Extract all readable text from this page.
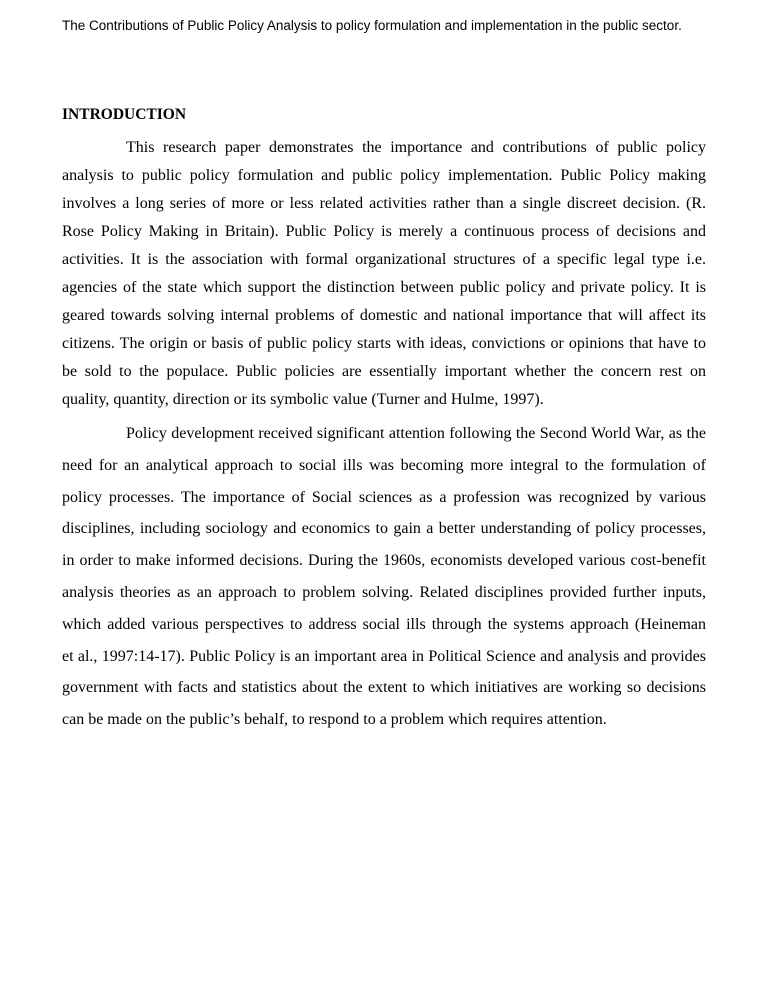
The Contributions of Public Policy Analysis to policy formulation and implementation in the public sector.
INTRODUCTION
This research paper demonstrates the importance and contributions of public policy
analysis to public policy formulation and public policy implementation. Public Policy making
involves a long series of more or less related activities rather than a single discreet decision. (R.
Rose Policy Making in Britain). Public Policy is merely a continuous process of decisions and
activities. It is the association with formal organizational structures of a specific legal type i.e.
agencies of the state which support the distinction between public policy and private policy. It is
geared towards solving internal problems of domestic and national importance that will affect its
citizens. The origin or basis of public policy starts with ideas, convictions or opinions that have to
be sold to the populace. Public policies are essentially important whether the concern rest on
quality, quantity, direction or its symbolic value (Turner and Hulme, 1997).
Policy development received significant attention following the Second World War, as the
need for an analytical approach to social ills was becoming more integral to the formulation of
policy processes. The importance of Social sciences as a profession was recognized by various
disciplines, including sociology and economics to gain a better understanding of policy processes,
in order to make informed decisions. During the 1960s, economists developed various cost-benefit
analysis theories as an approach to problem solving. Related disciplines provided further inputs,
which added various perspectives to address social ills through the systems approach (Heineman
et al., 1997:14-17). Public Policy is an important area in Political Science and analysis and provides
government with facts and statistics about the extent to which initiatives are working so decisions
can be made on the public’s behalf, to respond to a problem which requires attention.
